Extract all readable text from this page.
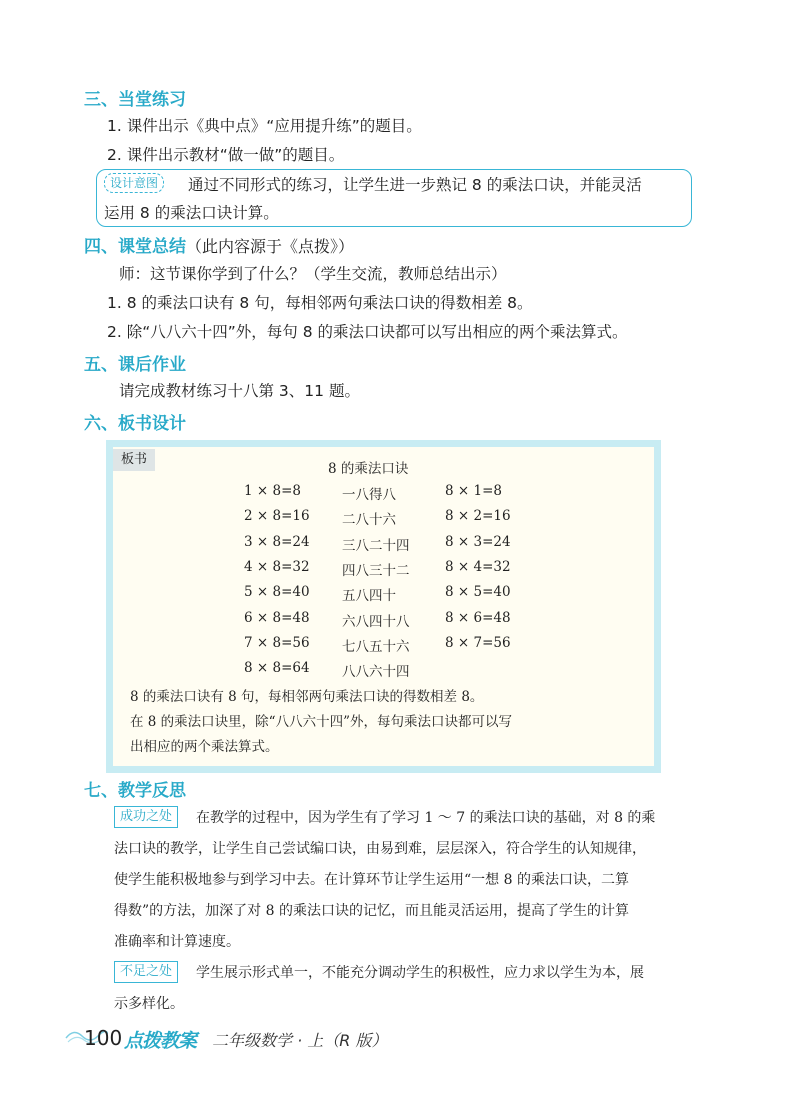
三、当堂练习
1. 课件出示《典中点》“应用提升练”的题目。
2. 课件出示教材“做一做”的题目。
设计意图	通过不同形式的练习，让学生进一步熟记 8 的乘法口诀，并能灵活
运用 8 的乘法口诀计算。
四、课堂总结（此内容源于《点拨》）
师：这节课你学到了什么？（学生交流，教师总结出示）
1. 8 的乘法口诀有 8 句，每相邻两句乘法口诀的得数相差 8。
2. 除“八八六十四”外，每句 8 的乘法口诀都可以写出相应的两个乘法算式。
五、课后作业
请完成教材练习十八第 3、11 题。
六、板书设计
板书
8 的乘法口诀
1 × 8=8	一八得八	8 × 1=8
2 × 8=16 二八十六	8 × 2=16
3 × 8=24 三八二十四	8 × 3=24
4 × 8=32 四八三十二	8 × 4=32
5 × 8=40 五八四十	8 × 5=40
6 × 8=48 六八四十八	8 × 6=48
7 × 8=56 七八五十六	8 × 7=56
8 × 8=64 八八六十四
8 的乘法口诀有 8 句，每相邻两句乘法口诀的得数相差 8。
在 8 的乘法口诀里，除“八八六十四”外，每句乘法口诀都可以写
出相应的两个乘法算式。
七、教学反思
成功之处	在教学的过程中，因为学生有了学习 1 ～ 7 的乘法口诀的基础，对 8 的乘
法口诀的教学，让学生自己尝试编口诀，由易到难，层层深入，符合学生的认知规律，
使学生能积极地参与到学习中去。在计算环节让学生运用“一想 8 的乘法口诀，二算
得数”的方法，加深了对 8 的乘法口诀的记忆，而且能灵活运用，提高了学生的计算
准确率和计算速度。
不足之处	学生展示形式单一，不能充分调动学生的积极性，应力求以学生为本，展
示多样化。
100 点拨教案 二年级数学 · 上（R 版）
